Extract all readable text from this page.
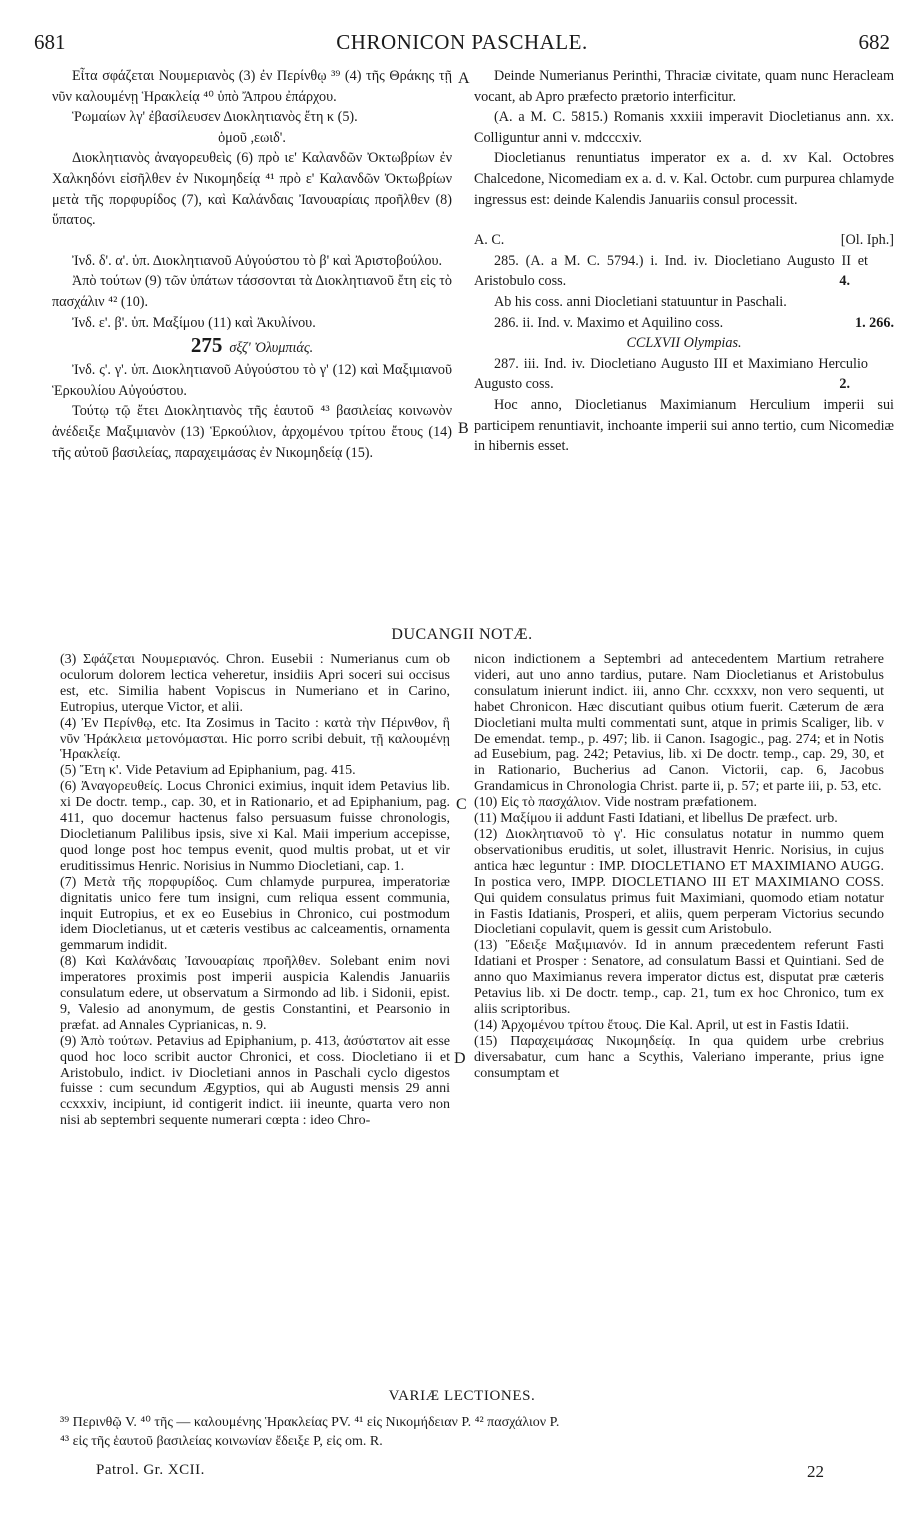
681	CHRONICON PASCHALE.	682

Εἶτα σφάζεται Νουμεριανὸς (3) ἐν Περίνθῳ ³⁹ (4) τῆς Θράκης τῇ νῦν καλουμένῃ Ἡρακλείᾳ ⁴⁰ ὑπὸ Ἄπρου ἐπάρχου.

Ῥωμαίων λγ' ἐβασίλευσεν Διοκλητιανὸς ἔτη κ (5).

ὁμοῦ ,εωιδ'.

Διοκλητιανὸς ἀναγορευθεὶς (6) πρὸ ιε' Καλανδῶν Ὀκτωβρίων ἐν Χαλκηδόνι εἰσῆλθεν ἐν Νικομηδείᾳ ⁴¹ πρὸ ε' Καλανδῶν Ὀκτωβρίων μετὰ τῆς πορφυρίδος (7), καὶ Καλάνδαις Ἰανουαρίαις προῆλθεν (8) ὕπατος.

Ἰνδ. δ'. α'. ὑπ. Διοκλητιανοῦ Αὐγούστου τὸ β' καὶ Ἀριστοβούλου.

Ἀπὸ τούτων (9) τῶν ὑπάτων τάσσονται τὰ Διοκλητιανοῦ ἔτη εἰς τὸ πασχάλιν ⁴² (10).

Ἰνδ. ε'. β'. ὑπ. Μαξίμου (11) καὶ Ἀκυλίνου.

275 σξζ' Ὀλυμπιάς.

Ἰνδ. ς'. γ'. ὑπ. Διοκλητιανοῦ Αὐγούστου τὸ γ' (12) καὶ Μαξιμιανοῦ Ἑρκουλίου Αὐγούστου.

Τούτῳ τῷ ἔτει Διοκλητιανὸς τῆς ἑαυτοῦ ⁴³ βασιλείας κοινωνὸν ἀνέδειξε Μαξιμιανὸν (13) Ἑρκούλιον, ἀρχομένου τρίτου ἔτους (14) τῆς αὐτοῦ βασιλείας, παραχειμάσας ἐν Νικομηδείᾳ (15).

Deinde Numerianus Perinthi, Thraciæ civitate, quam nunc Heracleam vocant, ab Apro præfecto prætorio interficitur.

(A. a M. C. 5815.) Romanis xxxiii imperavit Diocletianus ann. xx. Colliguntur anni v. mdcccxiv.

Diocletianus renuntiatus imperator ex a. d. xv Kal. Octobres Chalcedone, Nicomediam ex a. d. v. Kal. Octobr. cum purpurea chlamyde ingressus est: deinde Kalendis Januariis consul processit.

A. C.	[Ol. Iph.]

285. (A. a M. C. 5794.) i. Ind. iv. Diocletiano Augusto II et Aristobulo coss.	4.

Ab his coss. anni Diocletiani statuuntur in Paschali.

286. ii. Ind. v. Maximo et Aquilino coss.	1. 266.

CCLXVII Olympias.

287. iii. Ind. iv. Diocletiano Augusto III et Maximiano Herculio Augusto coss.	2.

Hoc anno, Diocletianus Maximianum Herculium imperii sui participem renuntiavit, inchoante imperii sui anno tertio, cum Nicomediæ in hibernis esset.

A
B
C
D
DUCANGII NOTÆ.

(3) Σφάζεται Νουμεριανός. Chron. Eusebii : Numerianus cum ob oculorum dolorem lectica veheretur, insidiis Apri soceri sui occisus est, etc. Similia habent Vopiscus in Numeriano et in Carino, Eutropius, uterque Victor, et alii.

(4) Ἐν Περίνθῳ, etc. Ita Zosimus in Tacito : κατὰ τὴν Πέρινθον, ἣ νῦν Ἡράκλεια μετονόμασται. Hic porro scribi debuit, τῇ καλουμένῃ Ἡρακλείᾳ.

(5) Ἔτη κ'. Vide Petavium ad Epiphanium, pag. 415.

(6) Ἀναγορευθείς. Locus Chronici eximius, inquit idem Petavius lib. xi De doctr. temp., cap. 30, et in Rationario, et ad Epiphanium, pag. 411, quo docemur hactenus falso persuasum fuisse chronologis, Diocletianum Palilibus ipsis, sive xi Kal. Maii imperium accepisse, quod longe post hoc tempus evenit, quod multis probat, ut et vir eruditissimus Henric. Norisius in Nummo Diocletiani, cap. 1.

(7) Μετὰ τῆς πορφυρίδος. Cum chlamyde purpurea, imperatoriæ dignitatis unico fere tum insigni, cum reliqua essent communia, inquit Eutropius, et ex eo Eusebius in Chronico, cui postmodum idem Diocletianus, ut et cæteris vestibus ac calceamentis, ornamenta gemmarum indidit.

(8) Καὶ Καλάνδαις Ἰανουαρίαις προῆλθεν. Solebant enim novi imperatores proximis post imperii auspicia Kalendis Januariis consulatum edere, ut observatum a Sirmondo ad lib. i Sidonii, epist. 9, Valesio ad anonymum, de gestis Constantini, et Pearsonio in præfat. ad Annales Cyprianicas, n. 9.

(9) Ἀπὸ τούτων. Petavius ad Epiphanium, p. 413, ἀσύστατον ait esse quod hoc loco scribit auctor Chronici, et coss. Diocletiano ii et Aristobulo, indict. iv Diocletiani annos in Paschali cyclo digestos fuisse : cum secundum Ægyptios, qui ab Augusti mensis 29 anni ccxxxiv, incipiunt, id contigerit indict. iii ineunte, quarta vero non nisi ab septembri sequente numerari cœpta : ideo Chro-

nicon indictionem a Septembri ad antecedentem Martium retrahere videri, aut uno anno tardius, putare. Nam Diocletianus et Aristobulus consulatum inierunt indict. iii, anno Chr. ccxxxv, non vero sequenti, ut habet Chronicon. Hæc discutiant quibus otium fuerit. Cæterum de æra Diocletiani multa multi commentati sunt, atque in primis Scaliger, lib. v De emendat. temp., p. 497; lib. ii Canon. Isagogic., pag. 274; et in Notis ad Eusebium, pag. 242; Petavius, lib. xi De doctr. temp., cap. 29, 30, et in Rationario, Bucherius ad Canon. Victorii, cap. 6, Jacobus Grandamicus in Chronologia Christ. parte ii, p. 57; et parte iii, p. 53, etc.

(10) Εἰς τὸ πασχάλιον. Vide nostram præfationem.

(11) Μαξίμου ii addunt Fasti Idatiani, et libellus De præfect. urb.

(12) Διοκλητιανοῦ τὸ γ'. Hic consulatus notatur in nummo quem observationibus eruditis, ut solet, illustravit Henric. Norisius, in cujus antica hæc leguntur : IMP. DIOCLETIANO ET MAXIMIANO AUGG. In postica vero, IMPP. DIOCLETIANO III ET MAXIMIANO COSS. Qui quidem consulatus primus fuit Maximiani, quomodo etiam notatur in Fastis Idatianis, Prosperi, et aliis, quem perperam Victorius secundo Diocletiani copulavit, quem is gessit cum Aristobulo.

(13) Ἔδειξε Μαξιμιανόν. Id in annum præcedentem referunt Fasti Idatiani et Prosper : Senatore, ad consulatum Bassi et Quintiani. Sed de anno quo Maximianus revera imperator dictus est, disputat præ cæteris Petavius lib. xi De doctr. temp., cap. 21, tum ex hoc Chronico, tum ex aliis scriptoribus.

(14) Ἀρχομένου τρίτου ἔτους. Die Kal. April, ut est in Fastis Idatii.

(15) Παραχειμάσας Νικομηδείᾳ. In qua quidem urbe crebrius diversabatur, cum hanc a Scythis, Valeriano imperante, prius igne consumptam et

VARIÆ LECTIONES.

³⁹ Περινθῷ V. ⁴⁰ τῆς — καλουμένης Ἡρακλείας PV. ⁴¹ εἰς Νικομήδειαν P. ⁴² πασχάλιον P.

⁴³ εἰς τῆς ἑαυτοῦ βασιλείας κοινωνίαν ἔδειξε P, εἰς om. R.

Patrol. Gr. XCII.	22
